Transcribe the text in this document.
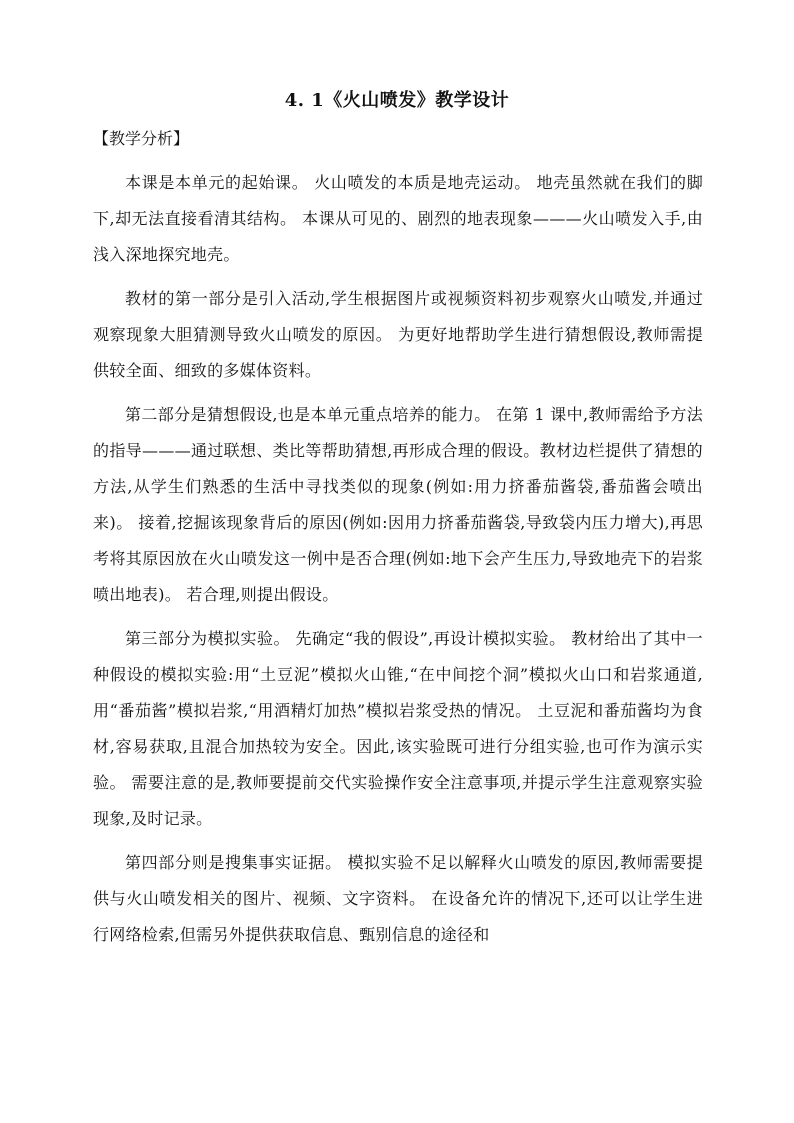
4. 1《火山喷发》教学设计
【教学分析】

本课是本单元的起始课。 火山喷发的本质是地壳运动。 地壳虽然就在我们的脚下,却无法直接看清其结构。 本课从可见的、剧烈的地表现象———火山喷发入手,由浅入深地探究地壳。

教材的第一部分是引入活动,学生根据图片或视频资料初步观察火山喷发,并通过观察现象大胆猜测导致火山喷发的原因。 为更好地帮助学生进行猜想假设,教师需提供较全面、细致的多媒体资料。

第二部分是猜想假设,也是本单元重点培养的能力。 在第 1 课中,教师需给予方法的指导———通过联想、类比等帮助猜想,再形成合理的假设。教材边栏提供了猜想的方法,从学生们熟悉的生活中寻找类似的现象(例如:用力挤番茄酱袋,番茄酱会喷出来)。 接着,挖掘该现象背后的原因(例如:因用力挤番茄酱袋,导致袋内压力增大),再思考将其原因放在火山喷发这一例中是否合理(例如:地下会产生压力,导致地壳下的岩浆喷出地表)。 若合理,则提出假设。

第三部分为模拟实验。 先确定“我的假设”,再设计模拟实验。 教材给出了其中一种假设的模拟实验:用“土豆泥”模拟火山锥,“在中间挖个洞”模拟火山口和岩浆通道,用“番茄酱”模拟岩浆,“用酒精灯加热”模拟岩浆受热的情况。 土豆泥和番茄酱均为食材,容易获取,且混合加热较为安全。因此,该实验既可进行分组实验,也可作为演示实验。 需要注意的是,教师要提前交代实验操作安全注意事项,并提示学生注意观察实验现象,及时记录。

第四部分则是搜集事实证据。 模拟实验不足以解释火山喷发的原因,教师需要提供与火山喷发相关的图片、视频、文字资料。 在设备允许的情况下,还可以让学生进行网络检索,但需另外提供获取信息、甄别信息的途径和
